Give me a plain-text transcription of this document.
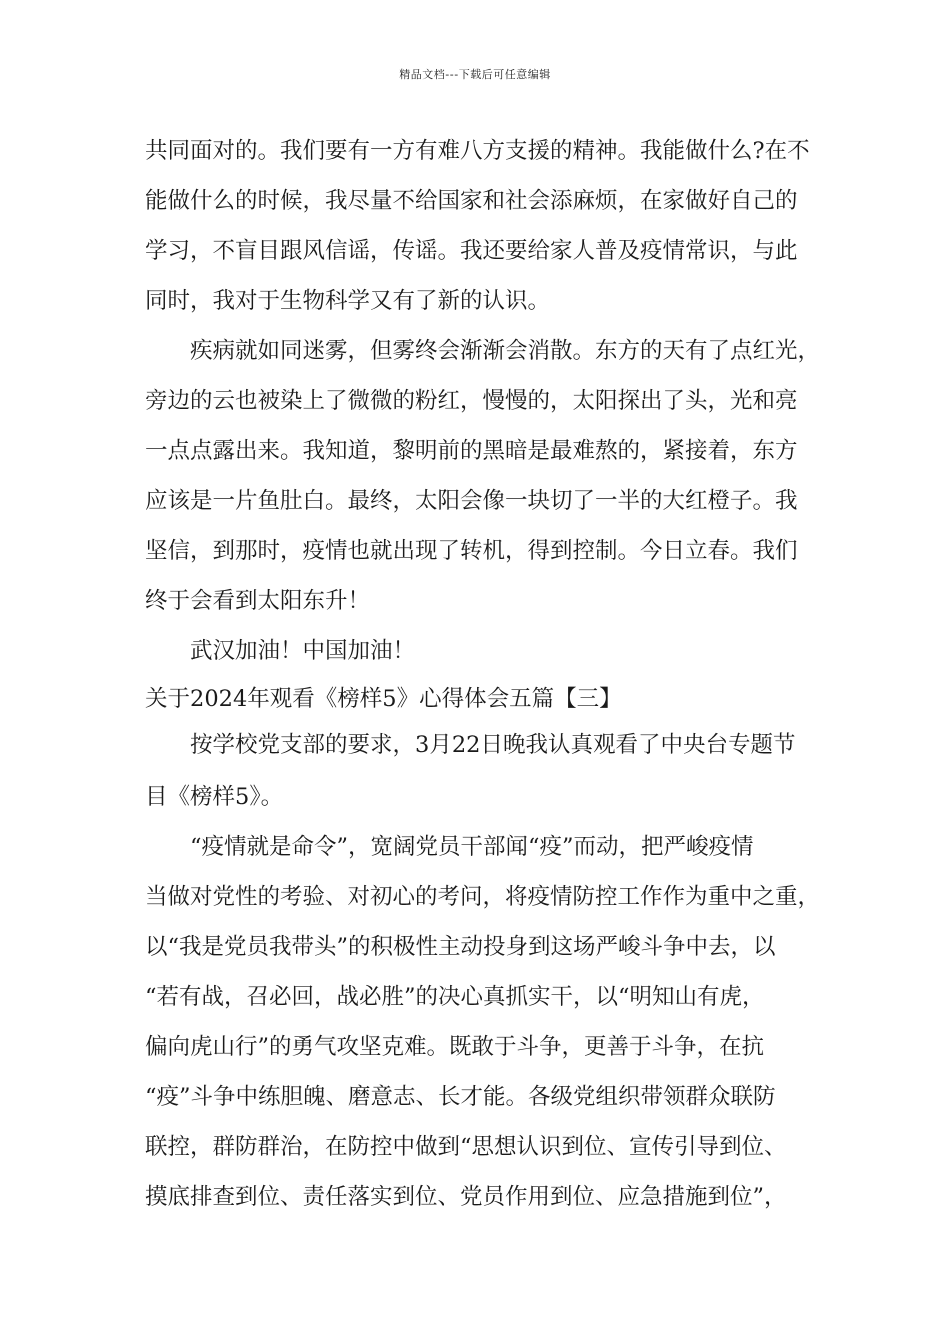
精品文档---下载后可任意编辑
共同面对的。我们要有一方有难八方支援的精神。我能做什么?在不
能做什么的时候，我尽量不给国家和社会添麻烦，在家做好自己的
学习，不盲目跟风信谣，传谣。我还要给家人普及疫情常识，与此
同时，我对于生物科学又有了新的认识。
　　疾病就如同迷雾，但雾终会渐渐会消散。东方的天有了点红光，
旁边的云也被染上了微微的粉红，慢慢的，太阳探出了头，光和亮
一点点露出来。我知道，黎明前的黑暗是最难熬的，紧接着，东方
应该是一片鱼肚白。最终，太阳会像一块切了一半的大红橙子。我
坚信，到那时，疫情也就出现了转机，得到控制。今日立春。我们
终于会看到太阳东升！
　　武汉加油！中国加油！
关于2024年观看《榜样5》心得体会五篇【三】
　　按学校党支部的要求，3月22日晚我认真观看了中央台专题节
目《榜样5》。
　　“疫情就是命令”，宽阔党员干部闻“疫”而动，把严峻疫情
当做对党性的考验、对初心的考问，将疫情防控工作作为重中之重，
以“我是党员我带头”的积极性主动投身到这场严峻斗争中去，以
“若有战，召必回，战必胜”的决心真抓实干，以“明知山有虎，
偏向虎山行”的勇气攻坚克难。既敢于斗争，更善于斗争，在抗
“疫”斗争中练胆魄、磨意志、长才能。各级党组织带领群众联防
联控，群防群治，在防控中做到“思想认识到位、宣传引导到位、
摸底排查到位、责任落实到位、党员作用到位、应急措施到位”，
